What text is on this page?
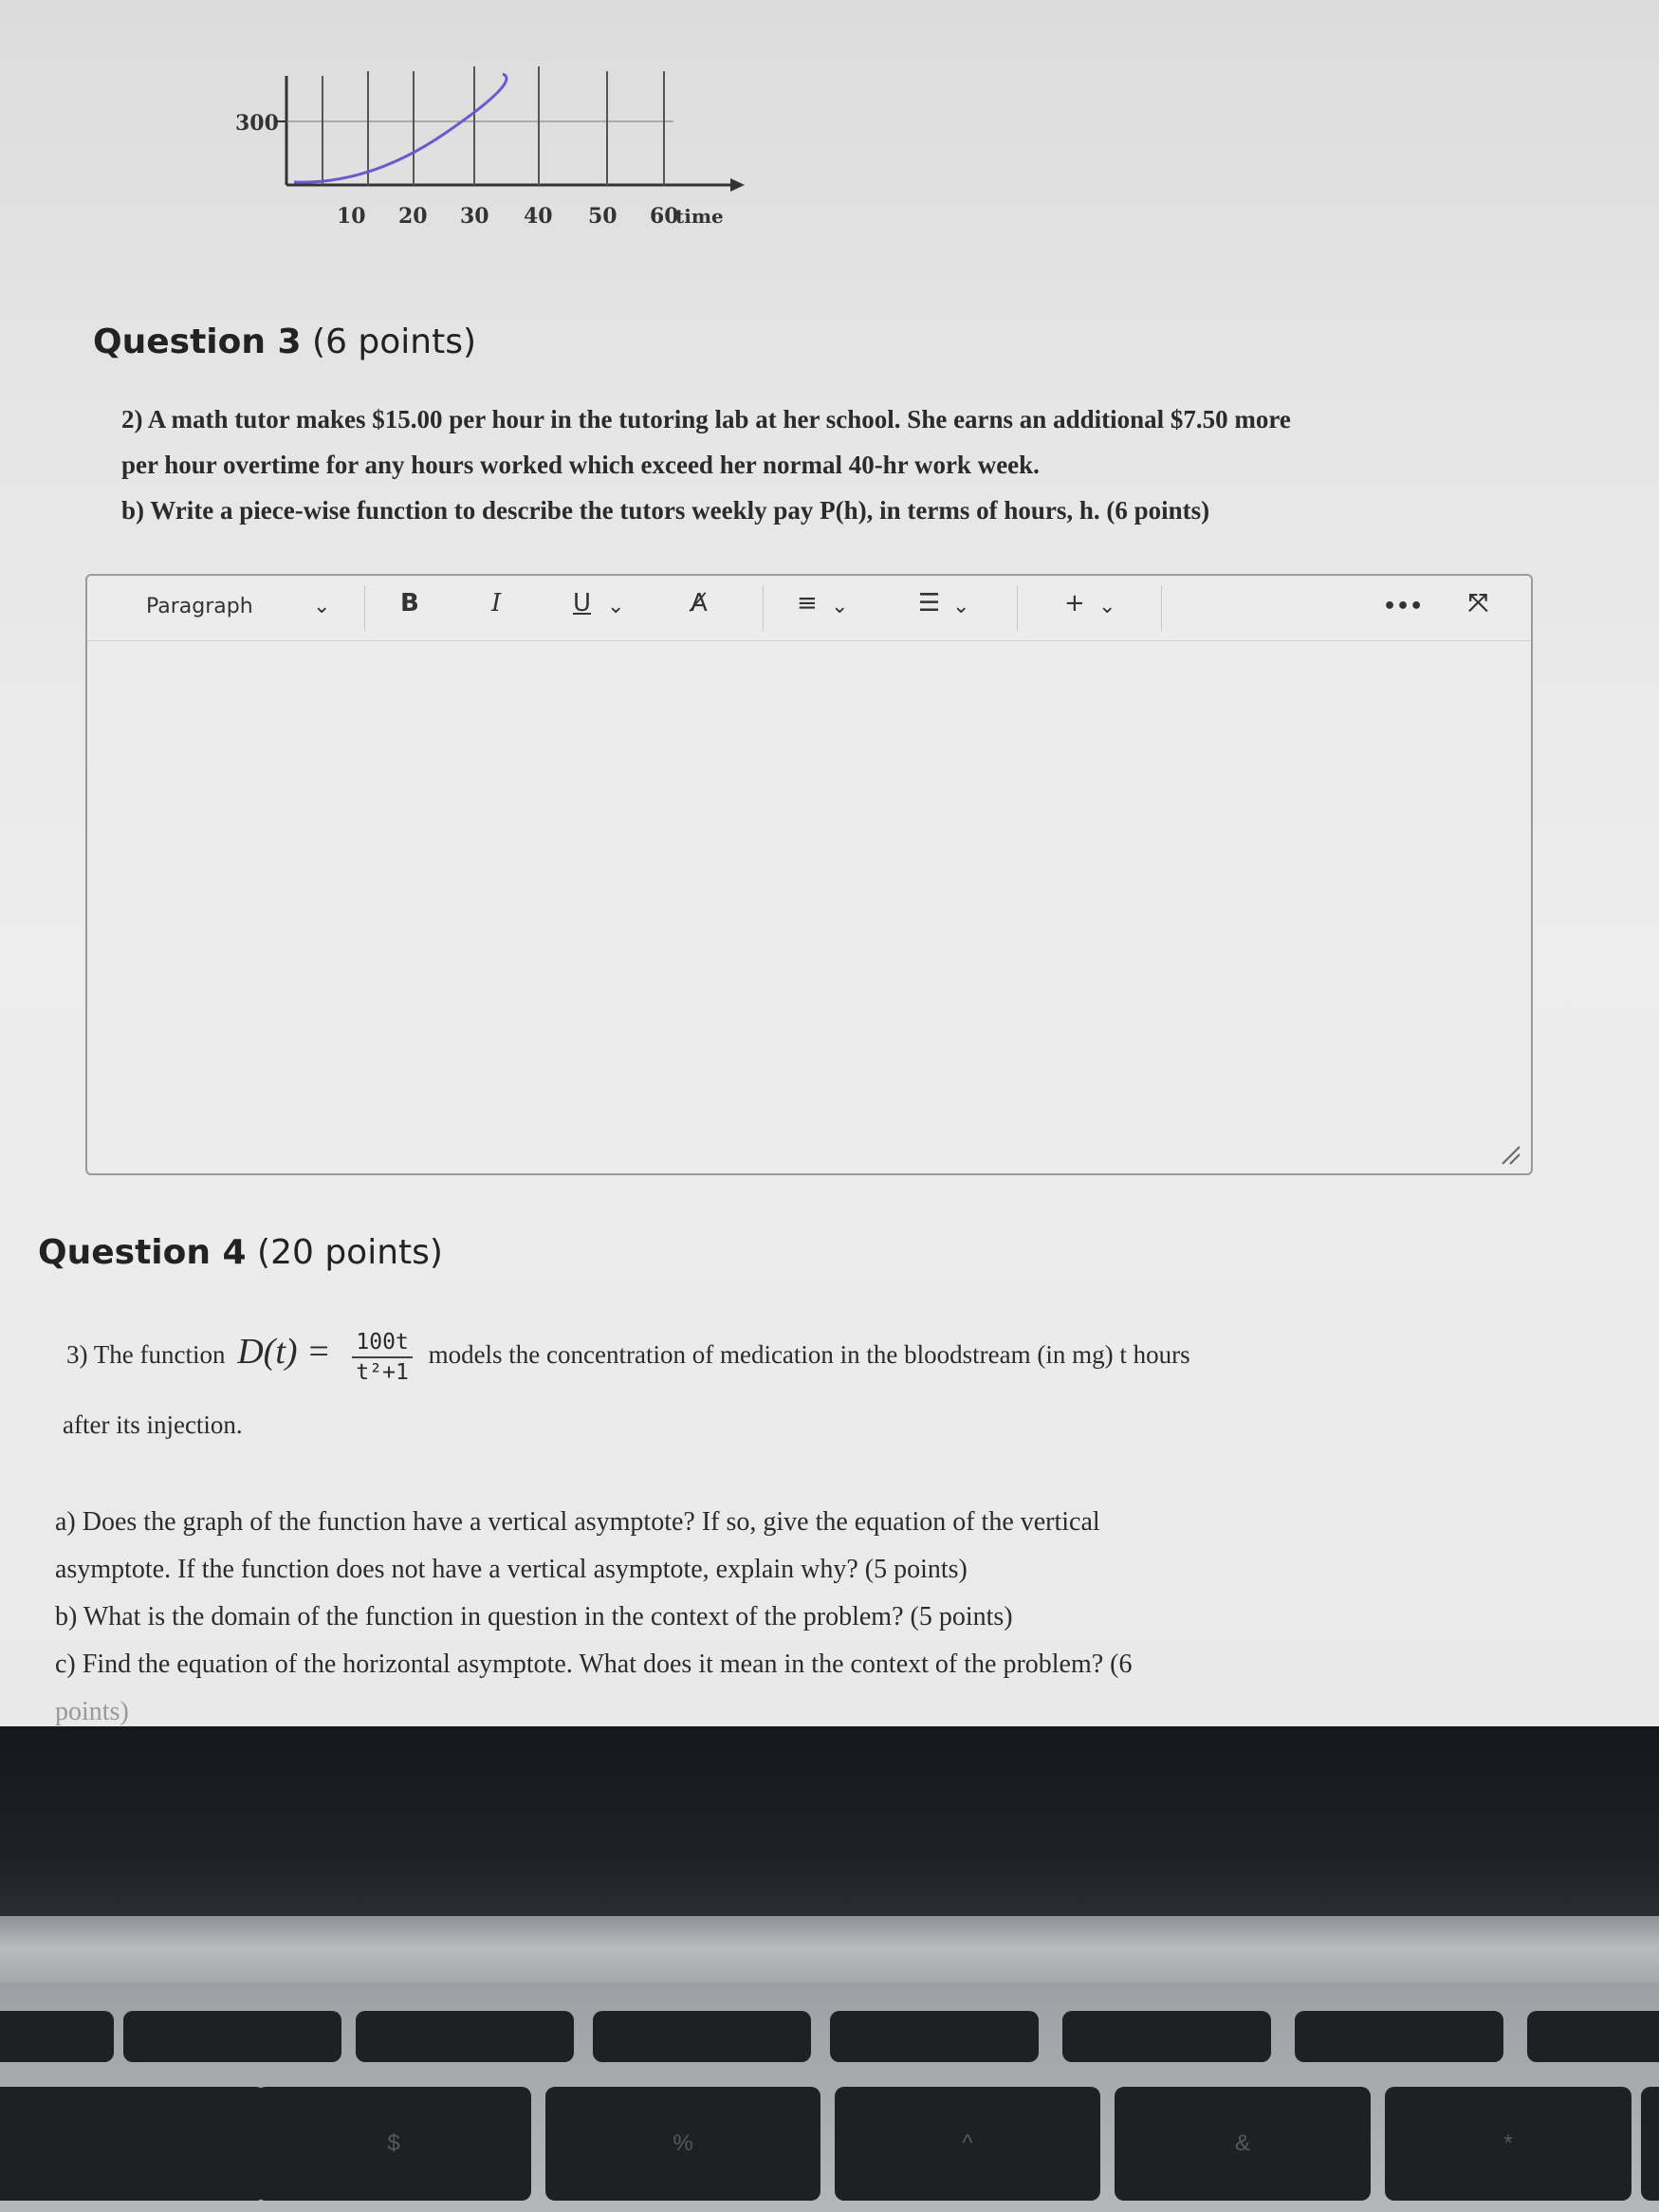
300
10 20 30 40 50 60
time
Question 3 (6 points)
2) A math tutor makes $15.00 per hour in the tutoring lab at her school. She earns an additional $7.50 more
per hour overtime for any hours worked which exceed her normal 40-hr work week.
b) Write a piece-wise function to describe the tutors weekly pay P(h), in terms of hours, h. (6 points)
Paragraph	⌄	B	I	U ⌄	A̸	≡ ⌄	☰ ⌄	+ ⌄	••• ⤧
Question 4 (20 points)
3) The function $D(t) = \frac{100t}{\text{t²+1}}$ models the concentration of medication in the bloodstream (in mg) t hours
after its injection.
a) Does the graph of the function have a vertical asymptote? If so, give the equation of the vertical
asymptote. If the function does not have a vertical asymptote, explain why? (5 points)
b) What is the domain of the function in question in the context of the problem? (5 points)
c) Find the equation of the horizontal asymptote. What does it mean in the context of the problem? (6
points)
$	%	^	&	*
